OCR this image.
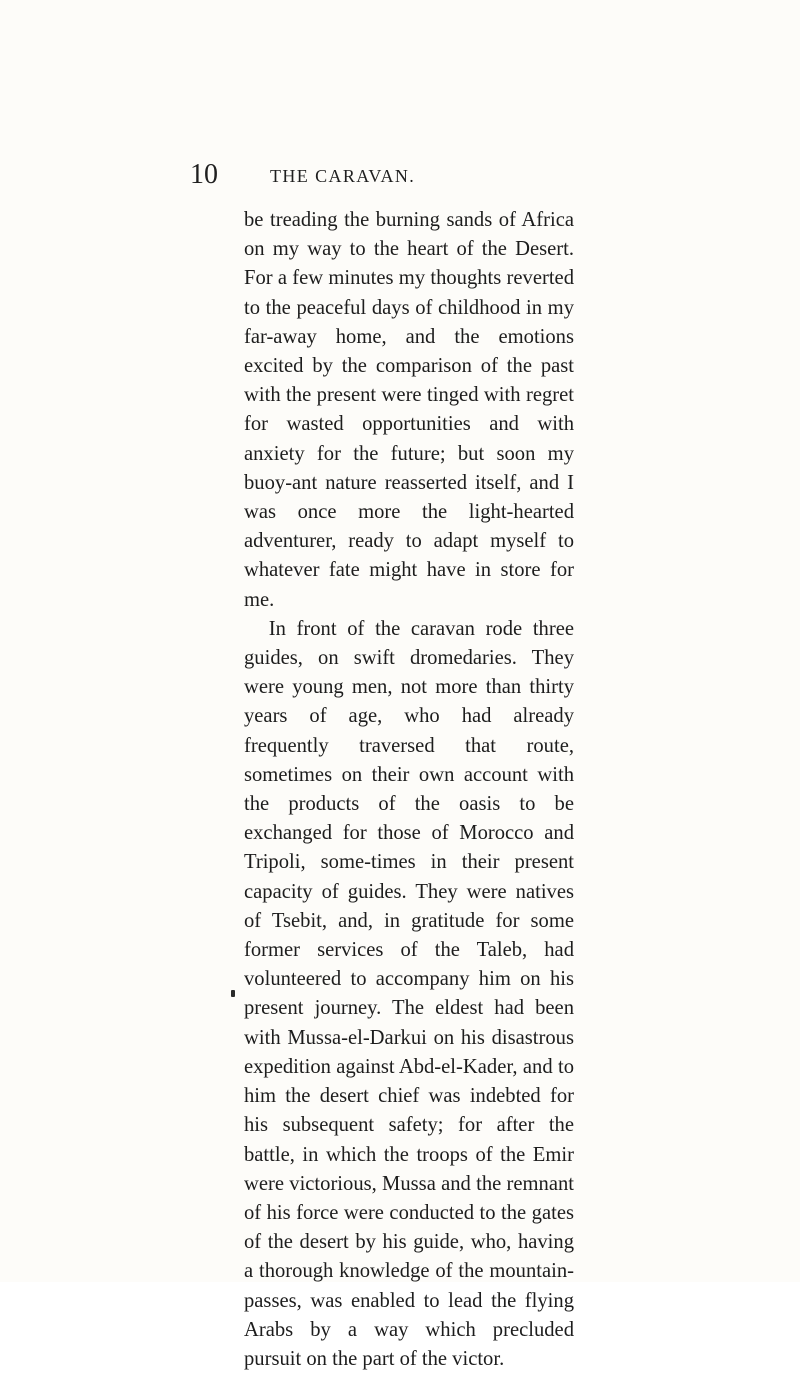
10	THE CARAVAN.

be treading the burning sands of Africa on my way to the heart of the Desert. For a few minutes my thoughts reverted to the peaceful days of childhood in my far-away home, and the emotions excited by the comparison of the past with the present were tinged with regret for wasted opportunities and with anxiety for the future; but soon my buoy-ant nature reasserted itself, and I was once more the light-hearted adventurer, ready to adapt myself to whatever fate might have in store for me.

In front of the caravan rode three guides, on swift dromedaries. They were young men, not more than thirty years of age, who had already frequently traversed that route, sometimes on their own account with the products of the oasis to be exchanged for those of Morocco and Tripoli, some-times in their present capacity of guides. They were natives of Tsebit, and, in gratitude for some former services of the Taleb, had volunteered to accompany him on his present journey. The eldest had been with Mussa-el-Darkui on his disastrous expedition against Abd-el-Kader, and to him the desert chief was indebted for his subsequent safety; for after the battle, in which the troops of the Emir were victorious, Mussa and the remnant of his force were conducted to the gates of the desert by his guide, who, having a thorough knowledge of the mountain-passes, was enabled to lead the flying Arabs by a way which precluded pursuit on the part of the victor.
